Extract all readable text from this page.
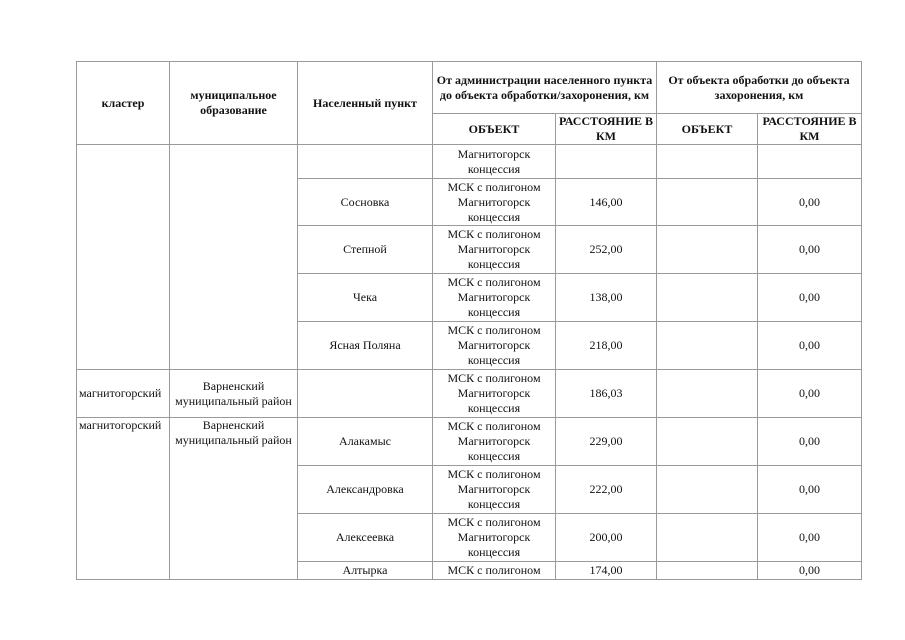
кластер	муниципальное образование	Населенный пункт	От администрации населенного пункта до объекта обработки/захоронения, км		От объекта обработки до объекта захоронения, км	
			ОБЪЕКТ	РАССТОЯНИЕ В КМ	ОБЪЕКТ	РАССТОЯНИЕ В КМ
			Магнитогорск концессия			
		Сосновка	МСК с полигоном Магнитогорск концессия	146,00		0,00
		Степной	МСК с полигоном Магнитогорск концессия	252,00		0,00
		Чека	МСК с полигоном Магнитогорск концессия	138,00		0,00
		Ясная Поляна	МСК с полигоном Магнитогорск концессия	218,00		0,00
магнитогорский	Варненский муниципальный район		МСК с полигоном Магнитогорск концессия	186,03		0,00
магнитогорский	Варненский муниципальный район	Алакамыс	МСК с полигоном Магнитогорск концессия	229,00		0,00
		Александровка	МСК с полигоном Магнитогорск концессия	222,00		0,00
		Алексеевка	МСК с полигоном Магнитогорск концессия	200,00		0,00
		Алтырка	МСК с полигоном	174,00		0,00
